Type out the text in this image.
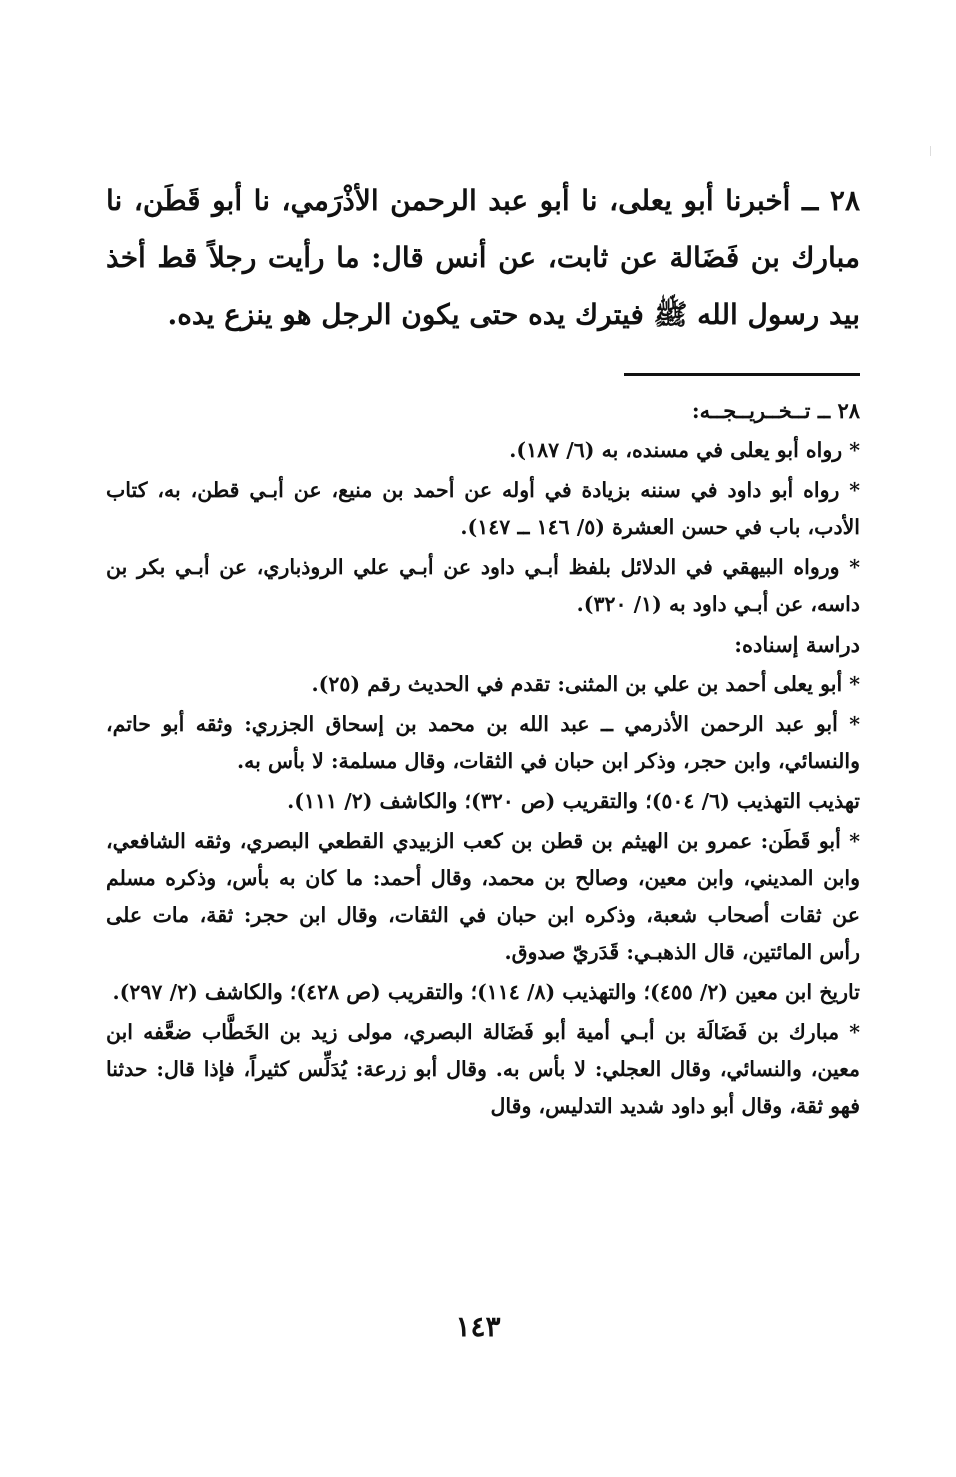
٢٨ ــ أخبرنا أبو يعلى، نا أبو عبد الرحمن الأذْرَمي، نا أبو قَطَن، نا مبارك بن فَضَالة عن ثابت، عن أنس قال: ما رأيت رجلاً قط أخذ بيد رسول الله ﷺ فيترك يده حتى يكون الرجل هو ينزع يده.

٢٨ ــ تــخــريــجــه:

* رواه أبو يعلى في مسنده، به (٦/ ١٨٧).

* رواه أبو داود في سننه بزيادة في أوله عن أحمد بن منيع، عن أبـي قطن، به، كتاب الأدب، باب في حسن العشرة (٥/ ١٤٦ ــ ١٤٧).

* ورواه البيهقي في الدلائل بلفظ أبـي داود عن أبـي علي الروذباري، عن أبـي بكر بن داسه، عن أبـي داود به (١/ ٣٢٠).

دراسة إسناده:

* أبو يعلى أحمد بن علي بن المثنى: تقدم في الحديث رقم (٢٥).

* أبو عبد الرحمن الأذرمي ــ عبد الله بن محمد بن إسحاق الجزري: وثقه أبو حاتم، والنسائي، وابن حجر، وذكر ابن حبان في الثقات، وقال مسلمة: لا بأس به.

تهذيب التهذيب (٦/ ٥٠٤)؛ والتقريب (ص ٣٢٠)؛ والكاشف (٢/ ١١١).

* أبو قَطَن: عمرو بن الهيثم بن قطن بن كعب الزبيدي القطعي البصري، وثقه الشافعي، وابن المديني، وابن معين، وصالح بن محمد، وقال أحمد: ما كان به بأس، وذكره مسلم عن ثقات أصحاب شعبة، وذكره ابن حبان في الثقات، وقال ابن حجر: ثقة، مات على رأس المائتين، قال الذهبـي: قَدَريّ صدوق.

تاريخ ابن معين (٢/ ٤٥٥)؛ والتهذيب (٨/ ١١٤)؛ والتقريب (ص ٤٢٨)؛ والكاشف (٢/ ٢٩٧).

* مبارك بن فَضَالَة بن أبـي أمية أبو فَضَالة البصري، مولى زيد بن الخَطَّاب ضعَّفه ابن معين، والنسائي، وقال العجلي: لا بأس به. وقال أبو زرعة: يُدَلِّس كثيراً، فإذا قال: حدثنا فهو ثقة، وقال أبو داود شديد التدليس، وقال

١٤٣
